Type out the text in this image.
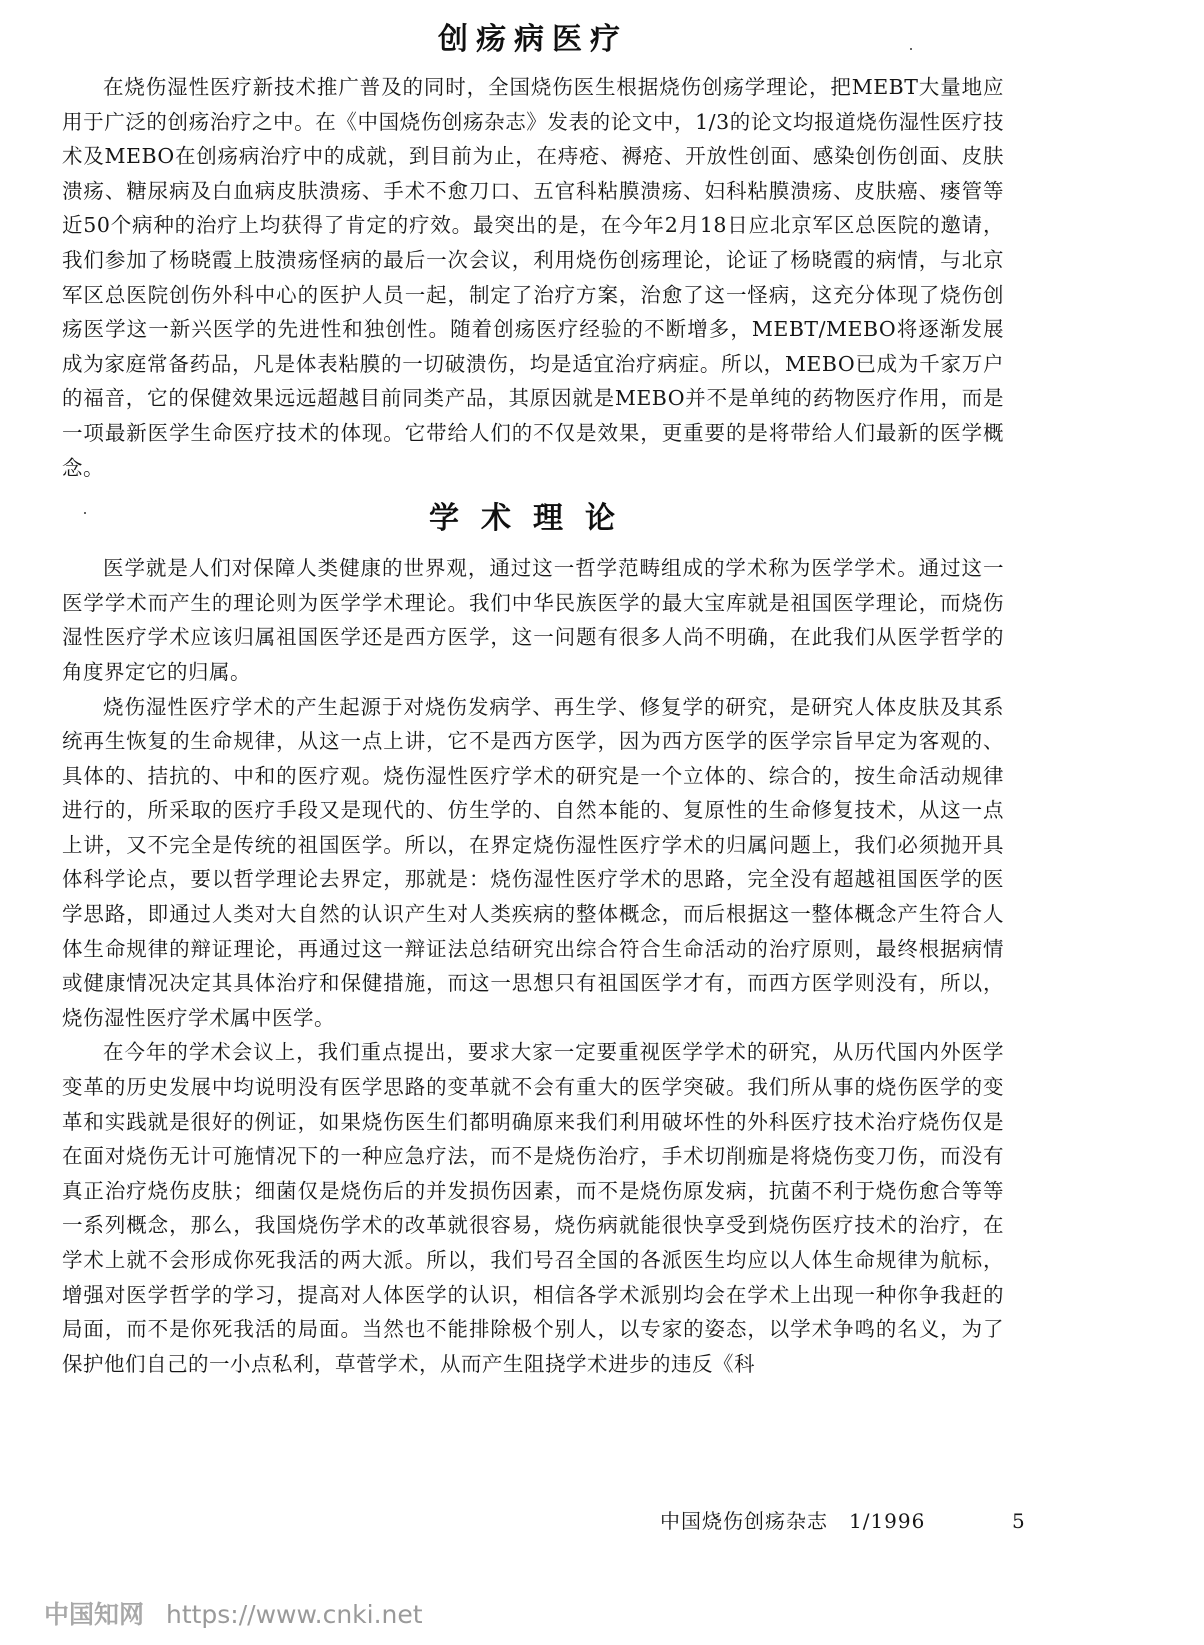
创疡病医疗

在烧伤湿性医疗新技术推广普及的同时，全国烧伤医生根据烧伤创疡学理论，把MEBT大量地应用于广泛的创疡治疗之中。在《中国烧伤创疡杂志》发表的论文中，1/3的论文均报道烧伤湿性医疗技术及MEBO在创疡病治疗中的成就，到目前为止，在痔疮、褥疮、开放性创面、感染创伤创面、皮肤溃疡、糖尿病及白血病皮肤溃疡、手术不愈刀口、五官科粘膜溃疡、妇科粘膜溃疡、皮肤癌、瘘管等近50个病种的治疗上均获得了肯定的疗效。最突出的是，在今年2月18日应北京军区总医院的邀请，我们参加了杨晓霞上肢溃疡怪病的最后一次会议，利用烧伤创疡理论，论证了杨晓霞的病情，与北京军区总医院创伤外科中心的医护人员一起，制定了治疗方案，治愈了这一怪病，这充分体现了烧伤创疡医学这一新兴医学的先进性和独创性。随着创疡医疗经验的不断增多，MEBT/MEBO将逐渐发展成为家庭常备药品，凡是体表粘膜的一切破溃伤，均是适宜治疗病症。所以，MEBO已成为千家万户的福音，它的保健效果远远超越目前同类产品，其原因就是MEBO并不是单纯的药物医疗作用，而是一项最新医学生命医疗技术的体现。它带给人们的不仅是效果，更重要的是将带给人们最新的医学概念。

学术理论

医学就是人们对保障人类健康的世界观，通过这一哲学范畴组成的学术称为医学学术。通过这一医学学术而产生的理论则为医学学术理论。我们中华民族医学的最大宝库就是祖国医学理论，而烧伤湿性医疗学术应该归属祖国医学还是西方医学，这一问题有很多人尚不明确，在此我们从医学哲学的角度界定它的归属。

烧伤湿性医疗学术的产生起源于对烧伤发病学、再生学、修复学的研究，是研究人体皮肤及其系统再生恢复的生命规律，从这一点上讲，它不是西方医学，因为西方医学的医学宗旨早定为客观的、具体的、拮抗的、中和的医疗观。烧伤湿性医疗学术的研究是一个立体的、综合的，按生命活动规律进行的，所采取的医疗手段又是现代的、仿生学的、自然本能的、复原性的生命修复技术，从这一点上讲，又不完全是传统的祖国医学。所以，在界定烧伤湿性医疗学术的归属问题上，我们必须抛开具体科学论点，要以哲学理论去界定，那就是：烧伤湿性医疗学术的思路，完全没有超越祖国医学的医学思路，即通过人类对大自然的认识产生对人类疾病的整体概念，而后根据这一整体概念产生符合人体生命规律的辩证理论，再通过这一辩证法总结研究出综合符合生命活动的治疗原则，最终根据病情或健康情况决定其具体治疗和保健措施，而这一思想只有祖国医学才有，而西方医学则没有，所以，烧伤湿性医疗学术属中医学。

在今年的学术会议上，我们重点提出，要求大家一定要重视医学学术的研究，从历代国内外医学变革的历史发展中均说明没有医学思路的变革就不会有重大的医学突破。我们所从事的烧伤医学的变革和实践就是很好的例证，如果烧伤医生们都明确原来我们利用破坏性的外科医疗技术治疗烧伤仅是在面对烧伤无计可施情况下的一种应急疗法，而不是烧伤治疗，手术切削痂是将烧伤变刀伤，而没有真正治疗烧伤皮肤；细菌仅是烧伤后的并发损伤因素，而不是烧伤原发病，抗菌不利于烧伤愈合等等一系列概念，那么，我国烧伤学术的改革就很容易，烧伤病就能很快享受到烧伤医疗技术的治疗，在学术上就不会形成你死我活的两大派。所以，我们号召全国的各派医生均应以人体生命规律为航标，增强对医学哲学的学习，提高对人体医学的认识，相信各学术派别均会在学术上出现一种你争我赶的局面，而不是你死我活的局面。当然也不能排除极个别人，以专家的姿态，以学术争鸣的名义，为了保护他们自己的一小点私利，草菅学术，从而产生阻挠学术进步的违反《科

中国烧伤创疡杂志　1/1996	5
中国知网 https://www.cnki.net
